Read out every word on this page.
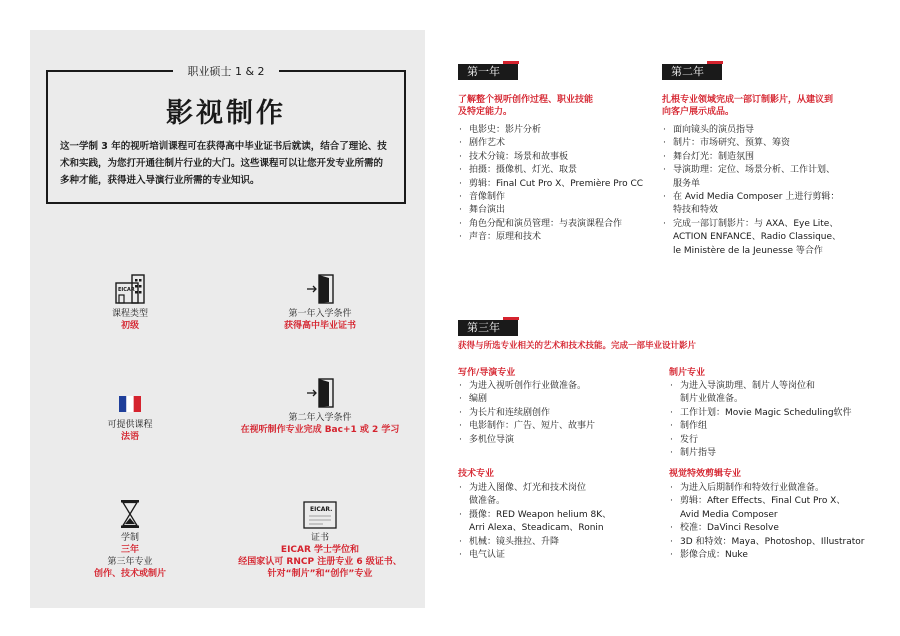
职业硕士 1 & 2
影视制作
这一学制 3 年的视听培训课程可在获得高中毕业证书后就读，结合了理论、技术和实践，为您打开通往制片行业的大门。这些课程可以让您开发专业所需的多种才能，获得进入导演行业所需的专业知识。
EICAR
课程类型
初级
第一年入学条件
获得高中毕业证书
可提供课程
法语
第二年入学条件
在视听制作专业完成 Bac+1 或 2 学习
学制
三年
第三年专业
创作、技术或制片
EICAR.
证书
EICAR 学士学位和
经国家认可 RNCP 注册专业 6 级证书、
针对“制片”和“创作”专业
第一年
了解整个视听创作过程、职业技能
及特定能力。
· 电影史：影片分析
· 剧作艺术
· 技术分镜：场景和故事板
· 拍摄：摄像机、灯光、取景
· 剪辑：Final Cut Pro X、Première Pro CC
· 音像制作
· 舞台演出
· 角色分配和演员管理：与表演课程合作
· 声音：原理和技术
第二年
扎根专业领域完成一部订制影片，从建议到
向客户展示成品。
· 面向镜头的演员指导
· 制片：市场研究、预算、筹资
· 舞台灯光：制造氛围
· 导演助理：定位、场景分析、工作计划、
服务单
· 在 Avid Media Composer 上进行剪辑：
特技和特效
· 完成一部订制影片：与 AXA、Eye Lite、
ACTION ENFANCE、Radio Classique、
le Ministère de la Jeunesse 等合作
第三年
获得与所选专业相关的艺术和技术技能。完成一部毕业设计影片
写作/导演专业
· 为进入视听创作行业做准备。
· 编剧
· 为长片和连续剧创作
· 电影制作：广告、短片、故事片
· 多机位导演
制片专业
· 为进入导演助理、制片人等岗位和
制片业做准备。
· 工作计划：Movie Magic Scheduling软件
· 制作组
· 发行
· 制片指导
技术专业
· 为进入图像、灯光和技术岗位
做准备。
· 摄像：RED Weapon helium 8K、
Arri Alexa、Steadicam、Ronin
· 机械：镜头推拉、升降
· 电气认证
视觉特效剪辑专业
· 为进入后期制作和特效行业做准备。
· 剪辑：After Effects、Final Cut Pro X、
Avid Media Composer
· 校准：DaVinci Resolve
· 3D 和特效：Maya、Photoshop、Illustrator
· 影像合成：Nuke
